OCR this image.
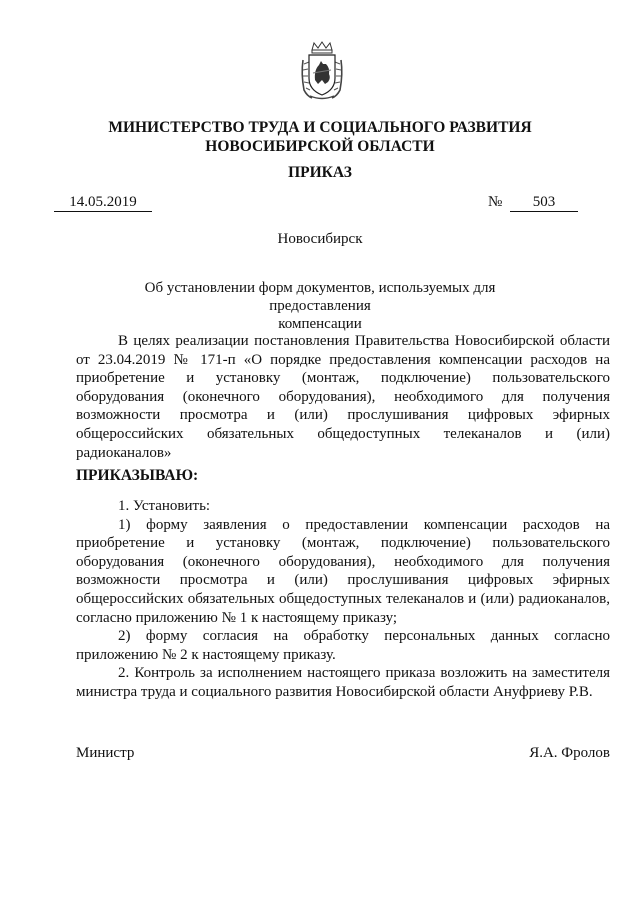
МИНИСТЕРСТВО ТРУДА И СОЦИАЛЬНОГО РАЗВИТИЯ
НОВОСИБИРСКОЙ ОБЛАСТИ
ПРИКАЗ
14.05.2019	№	503
Новосибирск
Об установлении форм документов, используемых для предоставления
компенсации

В целях реализации постановления Правительства Новосибирской области от 23.04.2019 № 171-п «О порядке предоставления компенсации расходов на приобретение и установку (монтаж, подключение) пользовательского оборудования (оконечного оборудования), необходимого для получения возможности просмотра и (или) прослушивания цифровых эфирных общероссийских обязательных общедоступных телеканалов и (или) радиоканалов»

ПРИКАЗЫВАЮ:

1. Установить:

1) форму заявления о предоставлении компенсации расходов на приобретение и установку (монтаж, подключение) пользовательского оборудования (оконечного оборудования), необходимого для получения возможности просмотра и (или) прослушивания цифровых эфирных общероссийских обязательных общедоступных телеканалов и (или) радиоканалов, согласно приложению № 1 к настоящему приказу;

2) форму согласия на обработку персональных данных согласно приложению № 2 к настоящему приказу.

2. Контроль за исполнением настоящего приказа возложить на заместителя министра труда и социального развития Новосибирской области Ануфриеву Р.В.

Министр	Я.А. Фролов
